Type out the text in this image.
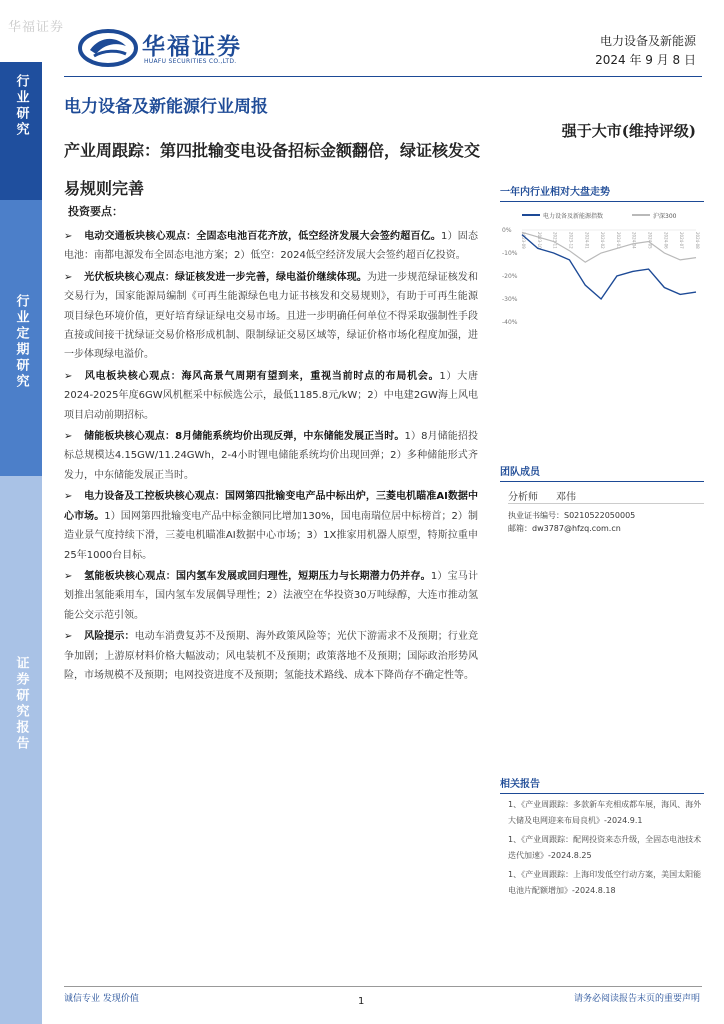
华福证券
华福证券
HUAFU SECURITIES CO.,LTD.
电力设备及新能源
2024 年 9 月 8 日
行业研究
行业定期研究
证券研究报告
电力设备及新能源行业周报
产业周跟踪：第四批输变电设备招标金额翻倍，绿证核发交易规则完善
强于大市(维持评级)
投资要点：
➢ 电动交通板块核心观点：全固态电池百花齐放，低空经济发展大会签约超百亿。1）固态电池：南都电源发布全固态电池方案；2）低空：2024低空经济发展大会签约超百亿投资。
➢ 光伏板块核心观点：绿证核发进一步完善，绿电溢价继续体现。为进一步规范绿证核发和交易行为，国家能源局编制《可再生能源绿色电力证书核发和交易规则》，有助于可再生能源项目绿色环境价值，更好培育绿证绿电交易市场。且进一步明确任何单位不得采取强制性手段直接或间接干扰绿证交易价格形成机制、限制绿证交易区域等，绿证价格市场化程度加强，进一步体现绿电溢价。
➢ 风电板块核心观点：海风高景气周期有望到来，重视当前时点的布局机会。1）大唐2024-2025年度6GW风机框采中标候选公示，最低1185.8元/kW；2）中电建2GW海上风电项目启动前期招标。
➢ 储能板块核心观点：8月储能系统均价出现反弹，中东储能发展正当时。1）8月储能招投标总规模达4.15GW/11.24GWh，2-4小时锂电储能系统均价出现回弹；2）多种储能形式齐发力，中东储能发展正当时。
➢ 电力设备及工控板块核心观点：国网第四批输变电产品中标出炉，三菱电机瞄准AI数据中心市场。1）国网第四批输变电产品中标金额同比增加130%，国电南瑞位居中标榜首；2）制造业景气度持续下滑，三菱电机瞄准AI数据中心市场；3）1X推家用机器人原型，特斯拉重申25年1000台目标。
➢ 氢能板块核心观点：国内氢车发展或回归理性，短期压力与长期潜力仍并存。1）宝马计划推出氢能乘用车，国内氢车发展偶导理性；2）法液空在华投资30万吨绿醇，大连市推动氢能公交示范引领。
➢ 风险提示：电动车消费复苏不及预期、海外政策风险等；光伏下游需求不及预期；行业竞争加剧；上游原材料价格大幅波动；风电装机不及预期；政策落地不及预期；国际政治形势风险，市场规模不及预期；电网投资进度不及预期；氢能技术路线、成本下降尚存不确定性等。
一年内行业相对大盘走势
电力设备及新能源指数	沪深300
0%
-10%
-20%
-30%
-40%
2023-09	2023-10	2023-11	2023-12	2024-01	2024-02	2024-03	2024-04	2024-05	2024-06	2024-07	2024-08
团队成员
分析师 邓伟
执业证书编号：S0210522050005
邮箱：dw3787@hfzq.com.cn
相关报告
1、《产业周跟踪：多款新车充相成都车展，海风、海外大储及电网迎来布局良机》-2024.9.1
1、《产业周跟踪：配网投资来态升级，全固态电池技术迭代加速》-2024.8.25
1、《产业周跟踪：上海印发低空行动方案，美国太阳能电池片配额增加》-2024.8.18
诚信专业 发现价值	1	请务必阅读报告末页的重要声明
